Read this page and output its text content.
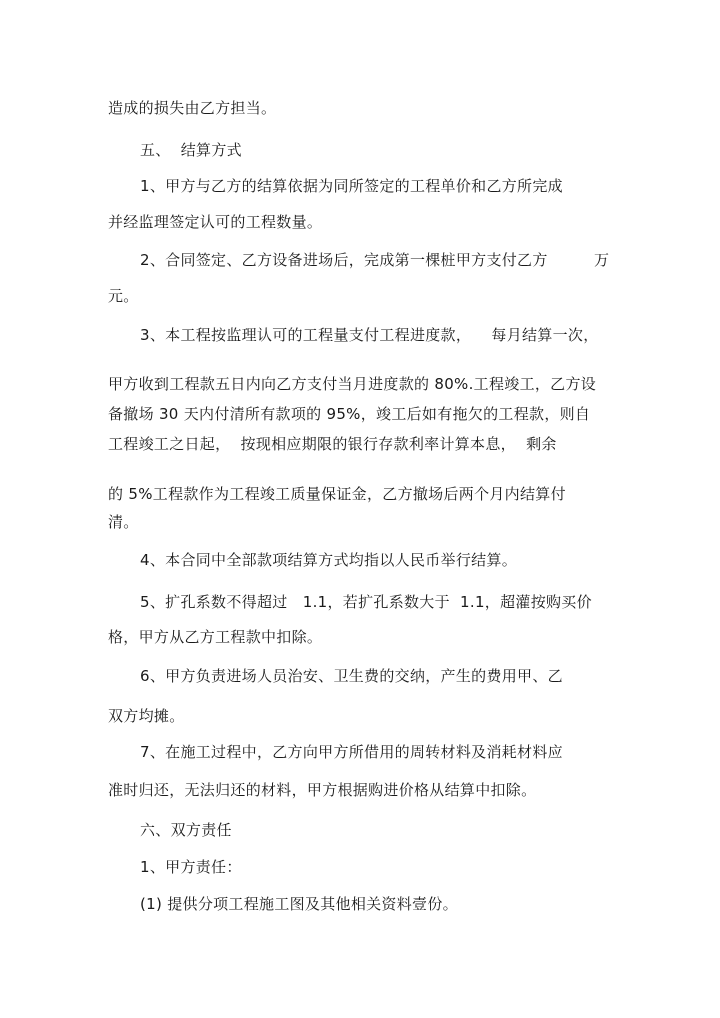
造成的损失由乙方担当。
五、  结算方式
1、甲方与乙方的结算依据为同所签定的工程单价和乙方所完成
并经监理签定认可的工程数量。
2、合同签定、乙方设备进场后，完成第一棵桩甲方支付乙方	万
元。
3、本工程按监理认可的工程量支付工程进度款，    每月结算一次，
甲方收到工程款五日内向乙方支付当月进度款的 80%.工程竣工，乙方设
备撤场 30 天内付清所有款项的 95%，竣工后如有拖欠的工程款，则自
工程竣工之日起，  按现相应期限的银行存款利率计算本息，  剩余
的 5%工程款作为工程竣工质量保证金，乙方撤场后两个月内结算付
清。
4、本合同中全部款项结算方式均指以人民币举行结算。
5、扩孔系数不得超过   1.1，若扩孔系数大于  1.1，超灌按购买价
格，甲方从乙方工程款中扣除。
6、甲方负责进场人员治安、卫生费的交纳，产生的费用甲、乙
双方均摊。
7、在施工过程中，乙方向甲方所借用的周转材料及消耗材料应
准时归还，无法归还的材料，甲方根据购进价格从结算中扣除。
六、双方责任
1、甲方责任：
(1) 提供分项工程施工图及其他相关资料壹份。
